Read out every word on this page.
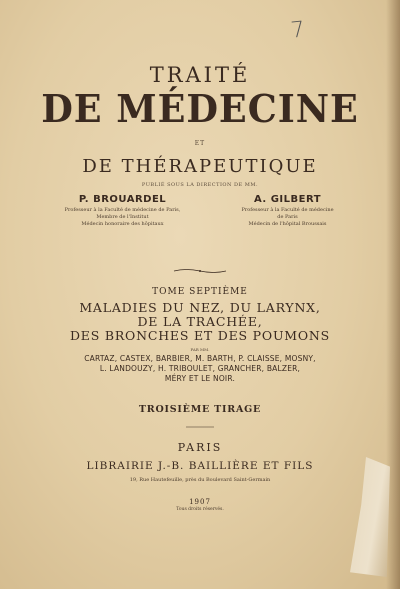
7
TRAITÉ
DE MÉDECINE
ET
DE THÉRAPEUTIQUE
PUBLIÉ SOUS LA DIRECTION DE MM.
P. BROUARDEL
Professeur à la Faculté de médecine de Paris,
Membre de l'Institut
Médecin honoraire des hôpitaux
A. GILBERT
Professeur à la Faculté de médecine
de Paris
Médecin de l'hôpital Broussais
TOME SEPTIÈME
MALADIES DU NEZ, DU LARYNX,
DE LA TRACHÉE,
DES BRONCHES ET DES POUMONS
PAR MM.
CARTAZ, CASTEX, BARBIER, M. BARTH, P. CLAISSE, MOSNY,
L. LANDOUZY, H. TRIBOULET, GRANCHER, BALZER,
MÉRY ET LE NOIR.
TROISIÈME TIRAGE
PARIS
LIBRAIRIE J.-B. BAILLIÈRE ET FILS
19, Rue Hautefeuille, près du Boulevard Saint-Germain
1907
Tous droits réservés.
